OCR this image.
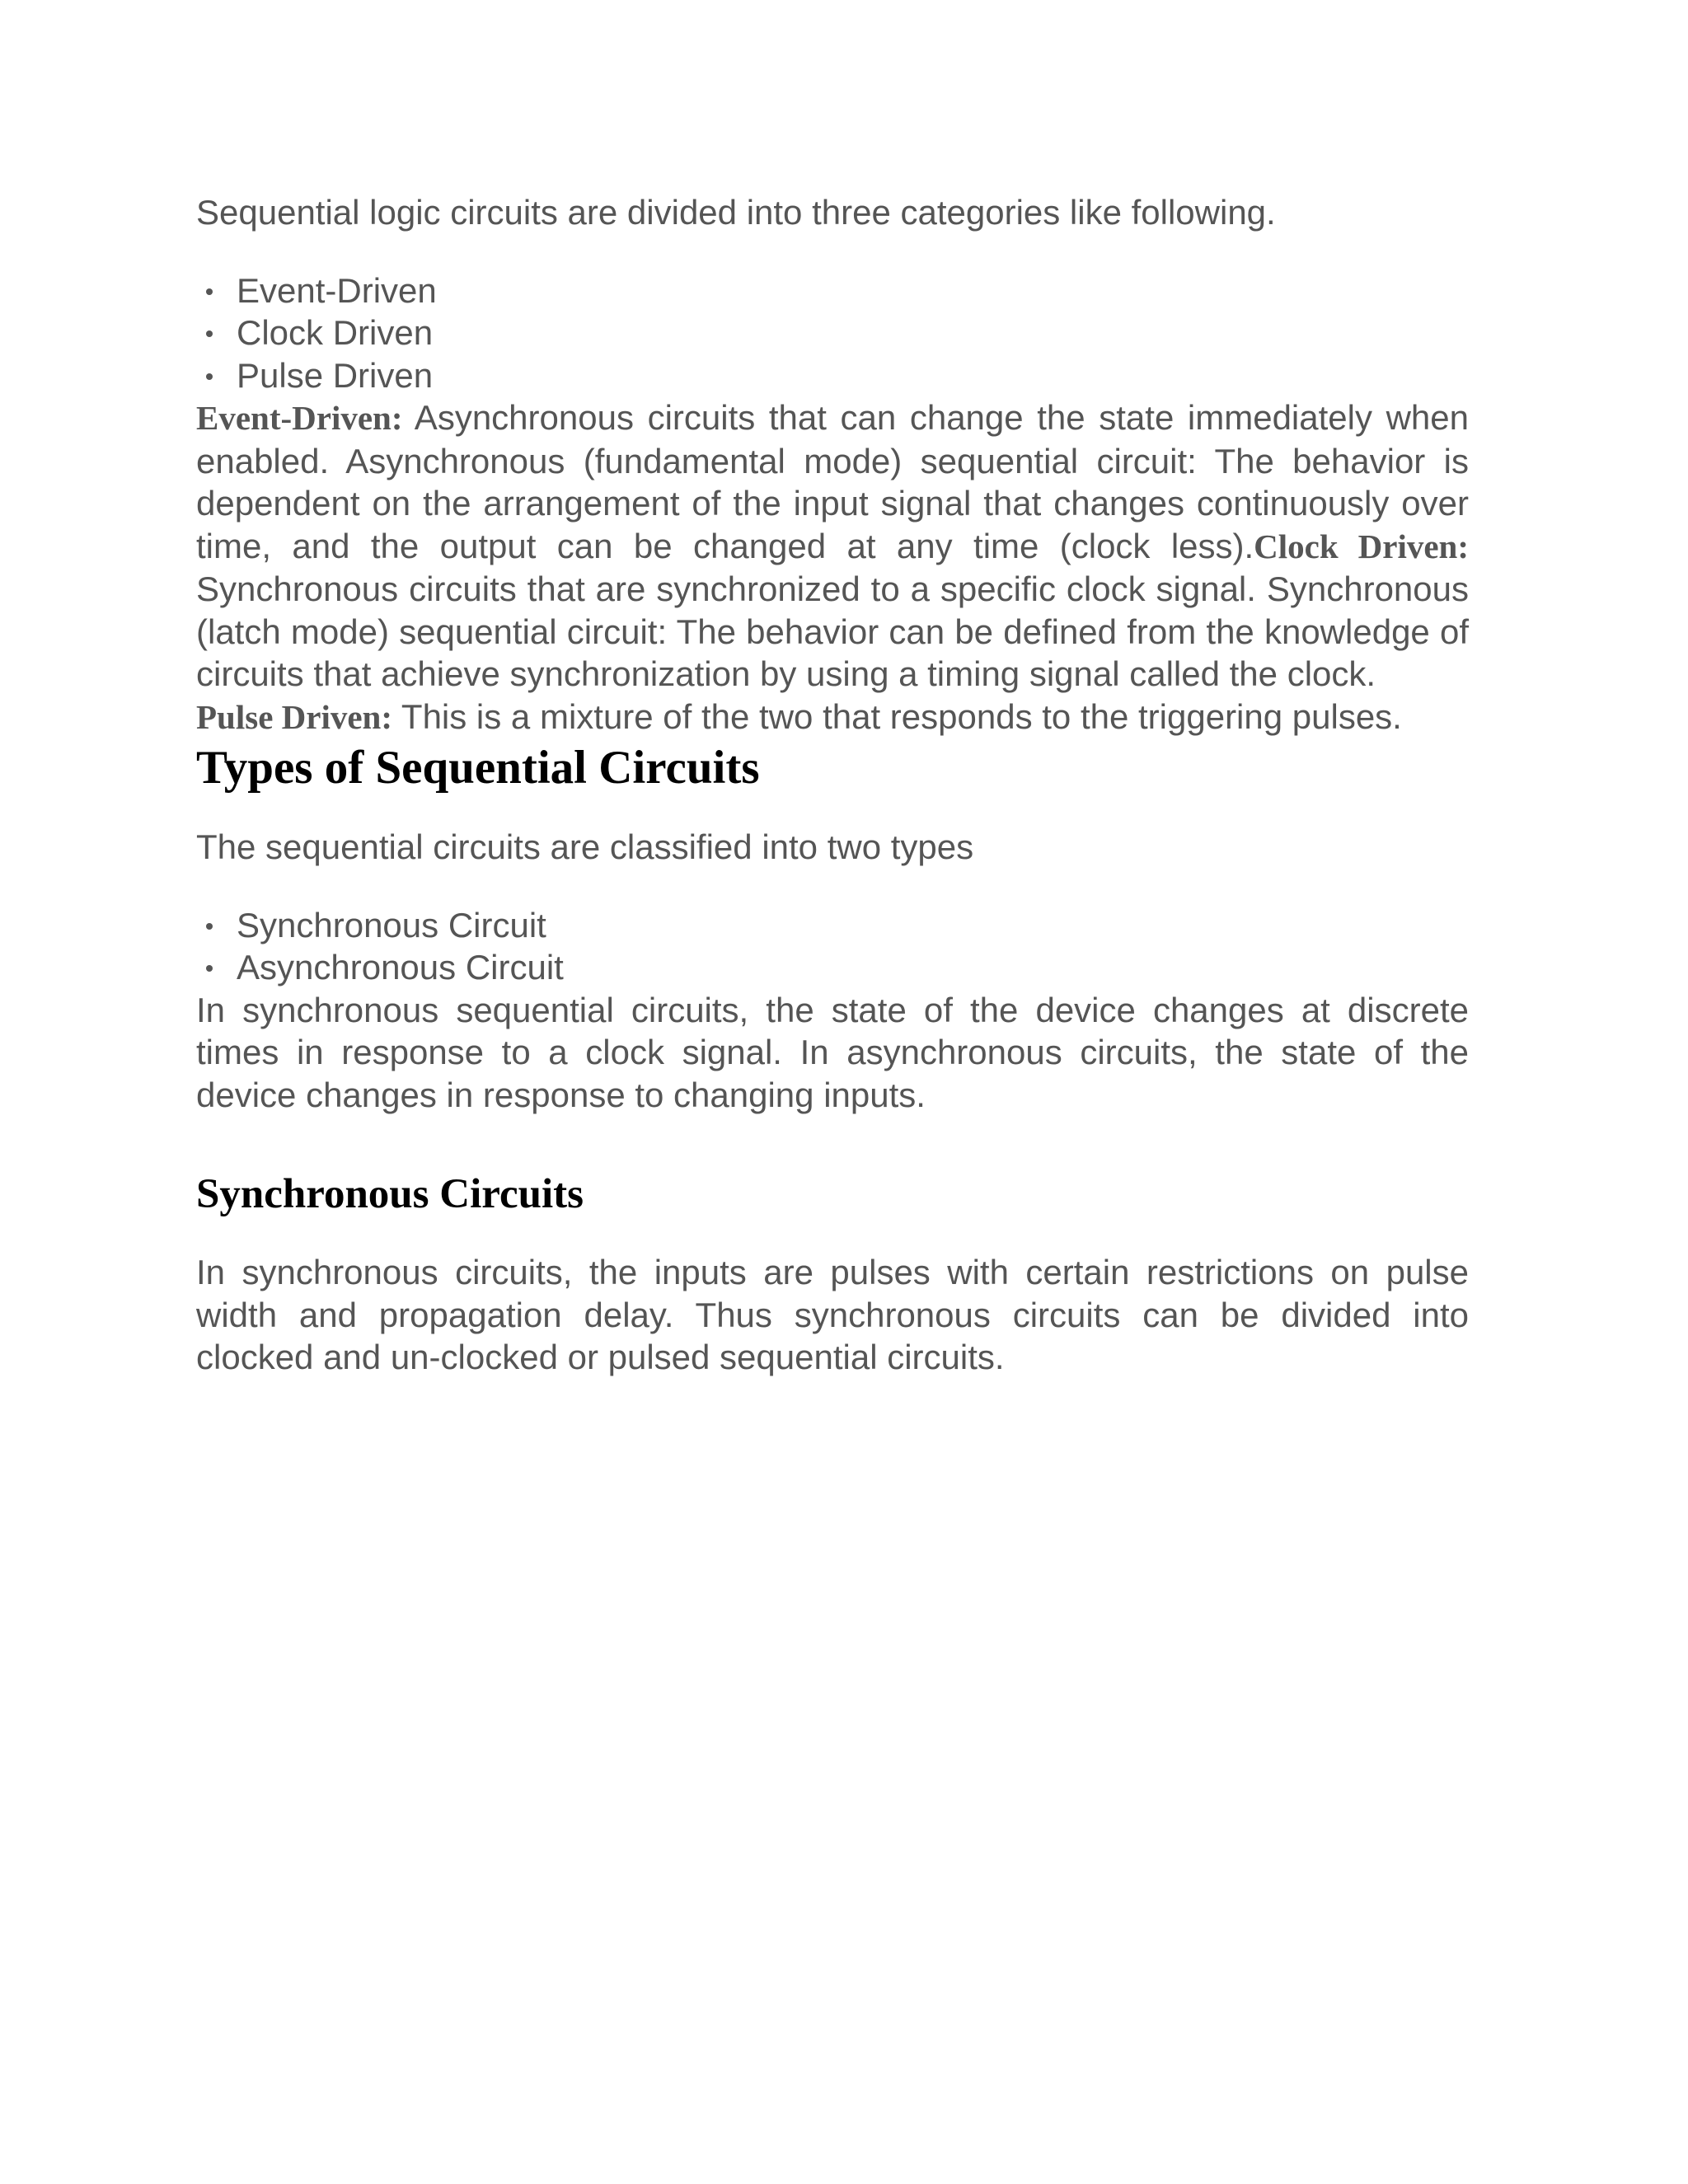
Sequential logic circuits are divided into three categories like following.

Event-Driven
Clock Driven
Pulse Driven

Event-Driven: Asynchronous circuits that can change the state immediately when enabled. Asynchronous (fundamental mode) sequential circuit: The behavior is dependent on the arrangement of the input signal that changes continuously over time, and the output can be changed at any time (clock less).Clock Driven: Synchronous circuits that are synchronized to a specific clock signal. Synchronous (latch mode) sequential circuit: The behavior can be defined from the knowledge of circuits that achieve synchronization by using a timing signal called the clock.

Pulse Driven: This is a mixture of the two that responds to the triggering pulses.

Types of Sequential Circuits

The sequential circuits are classified into two types

Synchronous Circuit
Asynchronous Circuit

In synchronous sequential circuits, the state of the device changes at discrete times in response to a clock signal. In asynchronous circuits, the state of the device changes in response to changing inputs.

Synchronous Circuits

In synchronous circuits, the inputs are pulses with certain restrictions on pulse width and propagation delay. Thus synchronous circuits can be divided into clocked and un-clocked or pulsed sequential circuits.
